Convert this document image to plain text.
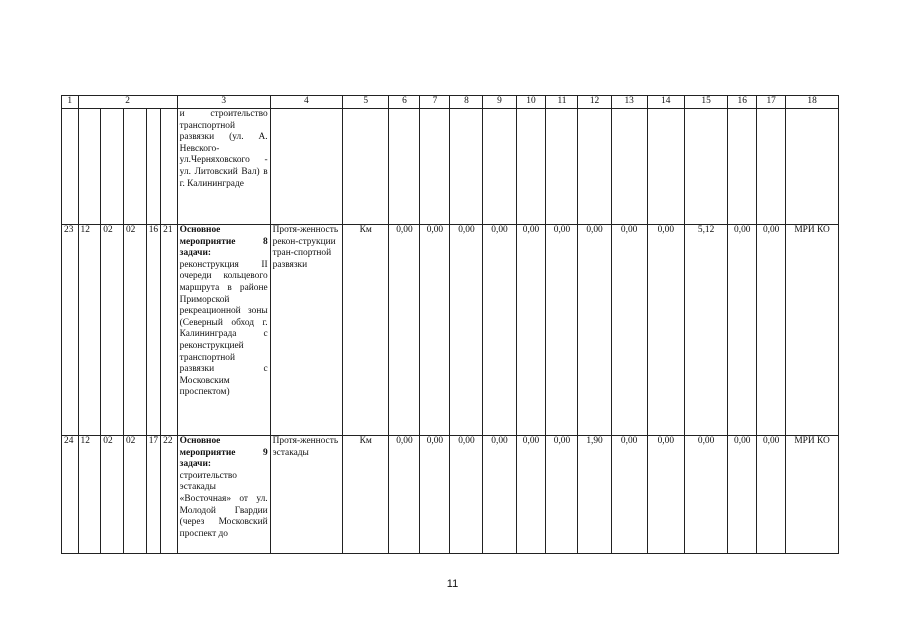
1	2					3	4	5	6	7	8	9	10	11	12	13	14	15	16	17	18
						и строительство транспортной развязки (ул. А. Невского-ул.Черняховского - ул. Литовский Вал) в г. Калининграде															
23	12	02	02	16	21	Основное мероприятие 8 задачи: реконструкция II очереди кольцевого маршрута в районе Приморской рекреационной зоны (Северный обход г. Калининграда с реконструкцией транспортной развязки с Московским проспектом)	Протя-женность рекон-струкции тран-спортной развязки	Км	0,00	0,00	0,00	0,00	0,00	0,00	0,00	0,00	0,00	5,12	0,00	0,00	МРИ КО
24	12	02	02	17	22	Основное мероприятие 9 задачи: строительство эстакады «Восточная» от ул. Молодой Гвардии (через Московский проспект до	Протя-женность эстакады	Км	0,00	0,00	0,00	0,00	0,00	0,00	1,90	0,00	0,00	0,00	0,00	0,00	МРИ КО
11
